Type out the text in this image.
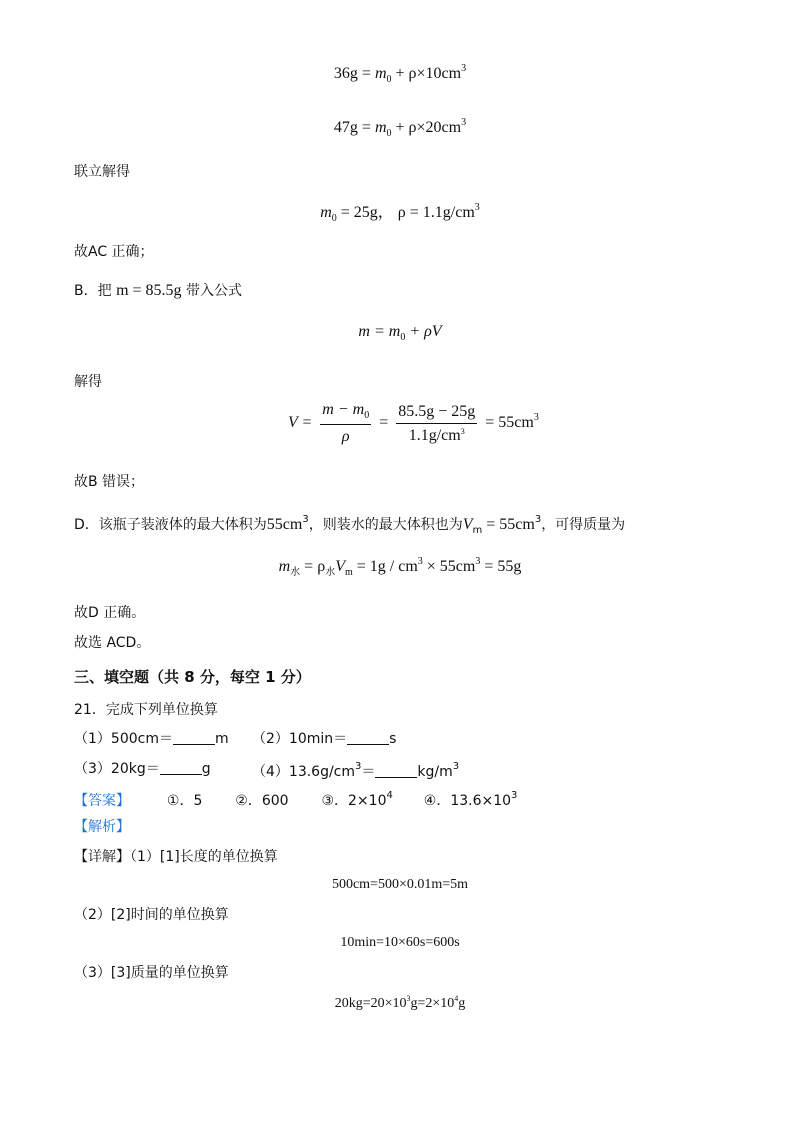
$36g = m_0 + \rho\times 10cm^3$
$47g = m_0 + \rho\times 20cm^3$
联立解得
$m_0 = 25g$， $\rho = 1.1g/cm^3$
故AC 正确；
B．把 m = 85.5g 带入公式
$m = m_0 + \rho V$
解得
$V = \frac{m - m_0}{\rho} = \frac{85.5g - 25g}{1.1g/cm^3} = 55cm^3$
故B 错误；
D．该瓶子装液体的最大体积为$55cm^3$，则装水的最大体积也为$V_m = 55cm^3$，可得质量为
$m_水 = \rho_水V_m = 1g / cm^3 \times 55cm^3 = 55g$
故D 正确。
故选 ACD。
三、填空题（共 8 分，每空 1 分）
21．完成下列单位换算
（1）500cm＝	m （2）10min＝	s
（3）20kg＝	g	$(4)13.6g/cm^3=$	$kg/m^3$
【答案】	①．5 ②．600 ③．$2\times 10^4$ ④．$13.6\times 10^3$
【解析】
【详解】（1）[1]长度的单位换算
500cm=500×0.01m=5m
（2）[2]时间的单位换算
10min=10×60s=600s
（3）[3]质量的单位换算
$20kg=20\times 10^3g=2\times 10^4g$
